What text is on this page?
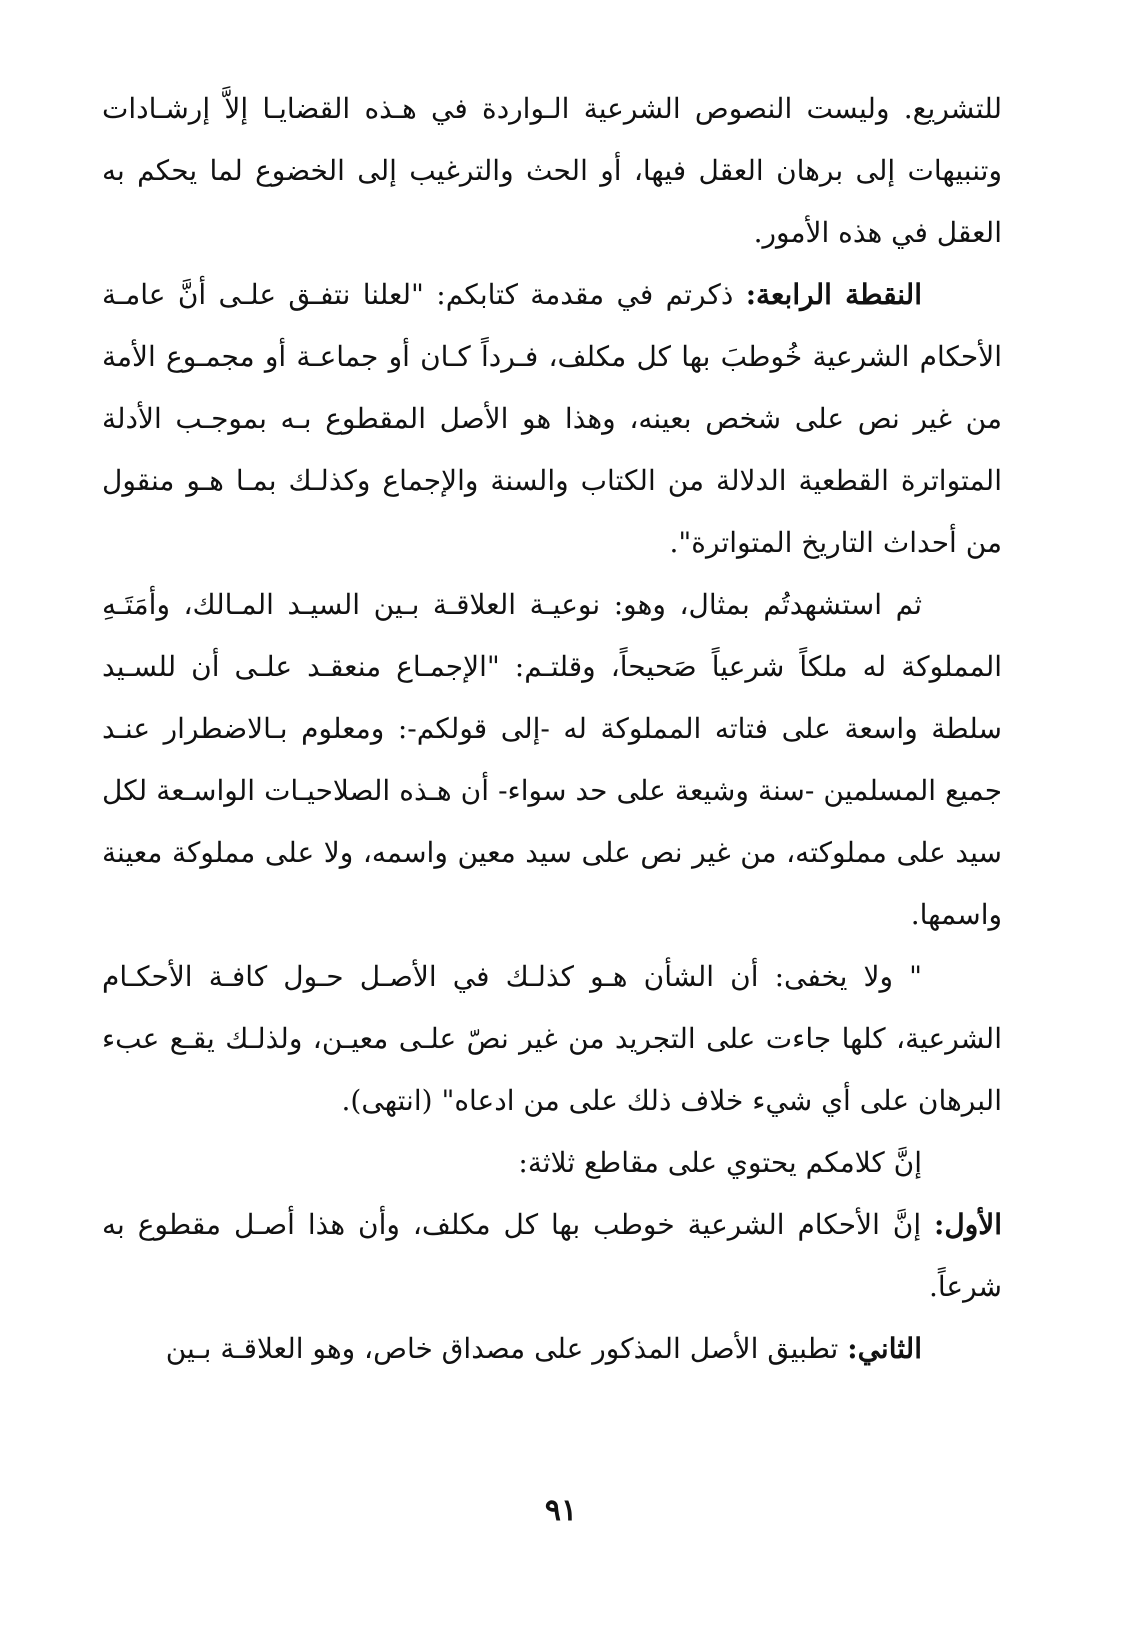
للتشريع. وليست النصوص الشرعية الـواردة في هـذه القضايـا إلاَّ إرشـادات وتنبيهات إلى برهان العقل فيها، أو الحث والترغيب إلى الخضوع لما يحكم به العقل في هذه الأمور.

النقطة الرابعة: ذكرتم في مقدمة كتابكم: "لعلنا نتفـق علـى أنَّ عامـة الأحكام الشرعية خُوطبَ بها كل مكلف، فـرداً كـان أو جماعـة أو مجمـوع الأمة من غير نص على شخص بعينه، وهذا هو الأصل المقطوع بـه بموجـب الأدلة المتواترة القطعية الدلالة من الكتاب والسنة والإجماع وكذلـك بمـا هـو منقول من أحداث التاريخ المتواترة".

ثم استشهدتُم بمثال، وهو: نوعيـة العلاقـة بـين السيـد المـالك، وأمَتَـهِ المملوكة له ملكاً شرعياً صَحيحاً، وقلتـم: "الإجمـاع منعقـد علـى أن للسـيد سلطة واسعة على فتاته المملوكة له -إلى قولكم-: ومعلوم بـالاضطرار عنـد جميع المسلمين -سنة وشيعة على حد سواء- أن هـذه الصلاحيـات الواسـعة لكل سيد على مملوكته، من غير نص على سيد معين واسمه، ولا على مملوكة معينة واسمها.

" ولا يخفى: أن الشأن هـو كذلـك في الأصـل حـول كافـة الأحكـام الشرعية، كلها جاءت على التجريد من غير نصّ علـى معيـن، ولذلـك يقـع عبء البرهان على أي شيء خلاف ذلك على من ادعاه" (انتهى).

إنَّ كلامكم يحتوي على مقاطع ثلاثة:

الأول: إنَّ الأحكام الشرعية خوطب بها كل مكلف، وأن هذا أصـل مقطوع به شرعاً.

الثاني: تطبيق الأصل المذكور على مصداق خاص، وهو العلاقـة بـين

٩١
